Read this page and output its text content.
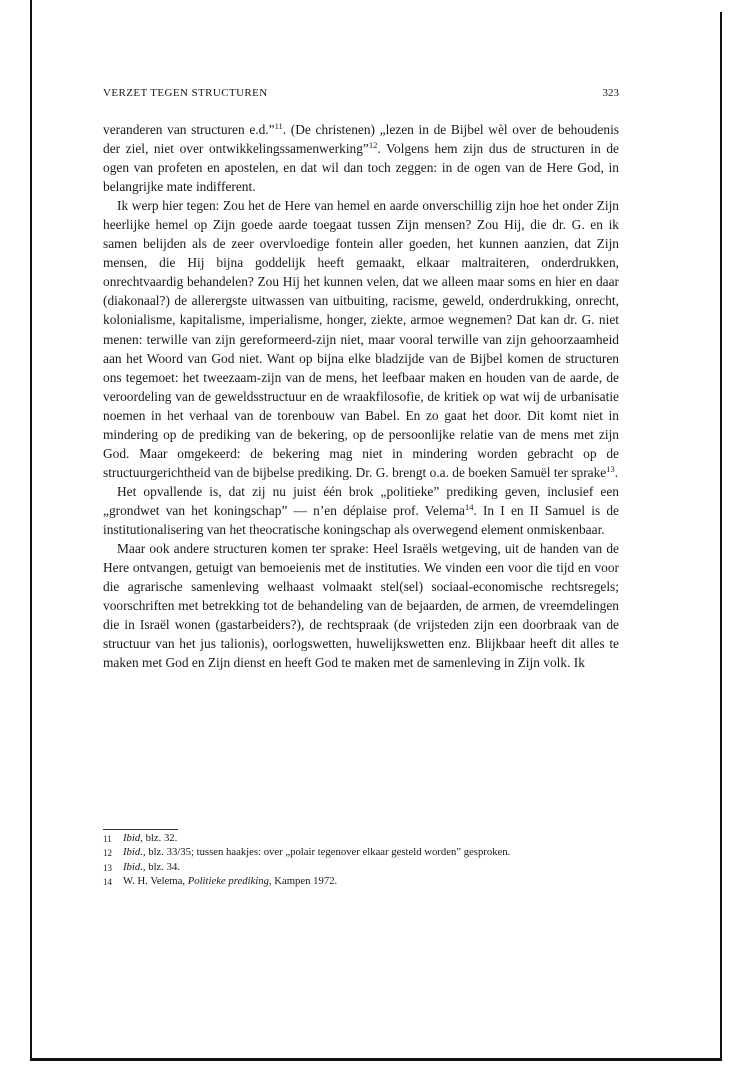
VERZET TEGEN STRUCTUREN	323

veranderen van structuren e.d.”$^{11}$. (De christenen) „lezen in de Bijbel wèl over de behoudenis der ziel, niet over ontwikkelingssamenwerking”$^{12}$. Volgens hem zijn dus de structuren in de ogen van profeten en apostelen, en dat wil dan toch zeggen: in de ogen van de Here God, in belangrijke mate indifferent.

Ik werp hier tegen: Zou het de Here van hemel en aarde onverschillig zijn hoe het onder Zijn heerlijke hemel op Zijn goede aarde toegaat tussen Zijn mensen? Zou Hij, die dr. G. en ik samen belijden als de zeer overvloedige fontein aller goeden, het kunnen aanzien, dat Zijn mensen, die Hij bijna goddelijk heeft gemaakt, elkaar maltraiteren, onderdrukken, onrechtvaardig behandelen? Zou Hij het kunnen velen, dat we alleen maar soms en hier en daar (diakonaal?) de allerergste uitwassen van uitbuiting, racisme, geweld, onderdrukking, onrecht, kolonialisme, kapitalisme, imperialisme, honger, ziekte, armoe wegnemen? Dat kan dr. G. niet menen: terwille van zijn gereformeerd-zijn niet, maar vooral terwille van zijn gehoorzaamheid aan het Woord van God niet. Want op bijna elke bladzijde van de Bijbel komen de structuren ons tegemoet: het tweezaam-zijn van de mens, het leefbaar maken en houden van de aarde, de veroordeling van de geweldsstructuur en de wraakfilosofie, de kritiek op wat wij de urbanisatie noemen in het verhaal van de torenbouw van Babel. En zo gaat het door. Dit komt niet in mindering op de prediking van de bekering, op de persoonlijke relatie van de mens met zijn God. Maar omgekeerd: de bekering mag niet in mindering worden gebracht op de structuurgerichtheid van de bijbelse prediking. Dr. G. brengt o.a. de boeken Samuël ter sprake$^{13}$.

Het opvallende is, dat zij nu juist één brok „politieke” prediking geven, inclusief een „grondwet van het koningschap” — n’en déplaise prof. Velema$^{14}$. In I en II Samuel is de institutionalisering van het theocratische koningschap als overwegend element onmiskenbaar.

Maar ook andere structuren komen ter sprake: Heel Israëls wetgeving, uit de handen van de Here ontvangen, getuigt van bemoeienis met de instituties. We vinden een voor die tijd en voor die agrarische samenleving welhaast volmaakt stel(sel) sociaal-economische rechtsregels; voorschriften met betrekking tot de behandeling van de bejaarden, de armen, de vreemdelingen die in Israël wonen (gastarbeiders?), de rechtspraak (de vrijsteden zijn een doorbraak van de structuur van het jus talionis), oorlogswetten, huwelijkswetten enz. Blijkbaar heeft dit alles te maken met God en Zijn dienst en heeft God te maken met de samenleving in Zijn volk. Ik

11	Ibid, blz. 32.
12	Ibid., blz. 33/35; tussen haakjes: over „polair tegenover elkaar gesteld worden” gesproken.
13	Ibid., blz. 34.
14	W. H. Velema, Politieke prediking, Kampen 1972.
